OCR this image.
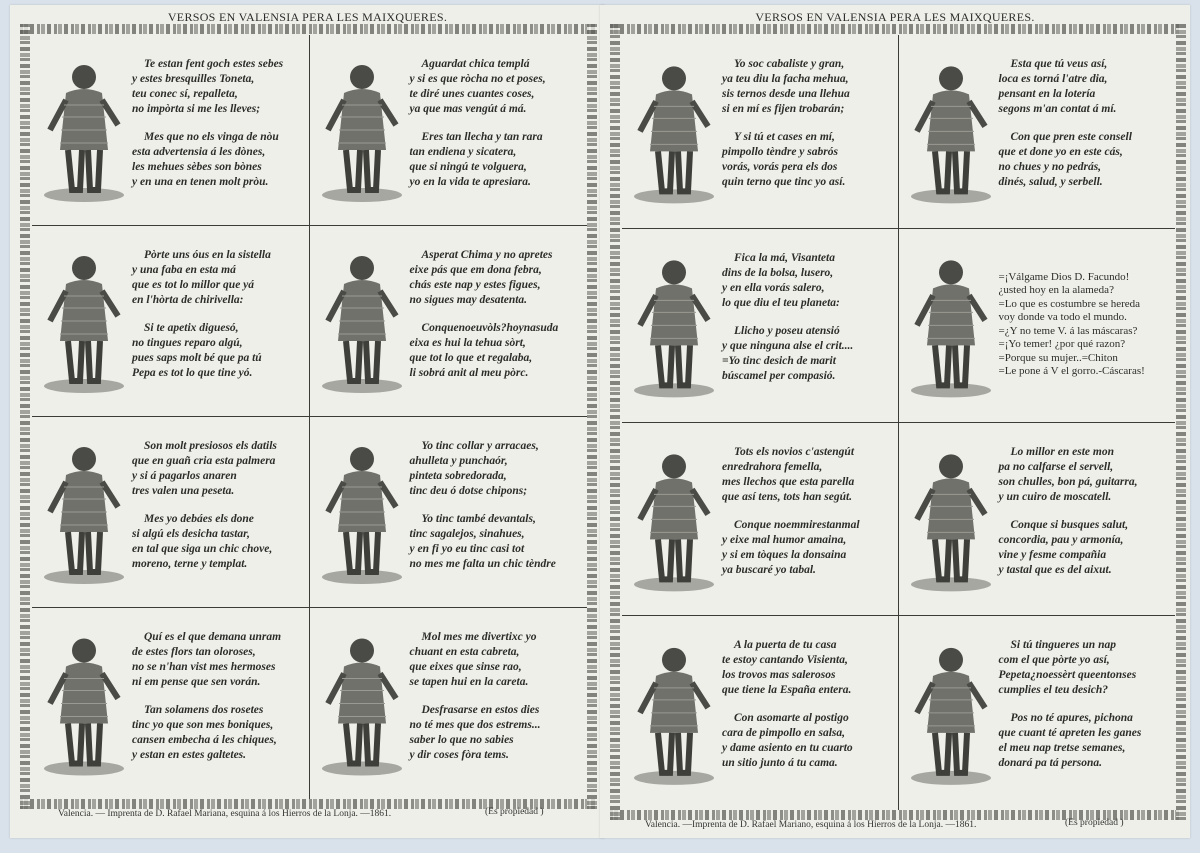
VERSOS EN VALENSIA PERA LES MAIXQUERES.

Te estan fent goch estes sebes
y estes bresquilles Toneta,
teu conec sí, repalleta,
no impòrta si me les lleves;

Mes que no els vinga de nòu
esta advertensia á les dònes,
les mehues sèbes son bònes
y en una en tenen molt pròu.

Aguardat chica templá
y si es que ròcha no et poses,
te diré unes cuantes coses,
ya que mas vengút á má.

Eres tan llecha y tan rara
tan endiena y sicatera,
que si ningú te volguera,
yo en la vida te apresiara.

Pòrte uns óus en la sistella
y una faba en esta má
que es tot lo millor que yá
en l'hòrta de chirivella:

Si te apetix diguesó,
no tingues reparo algú,
pues saps molt bé que pa tú
Pepa es tot lo que tine yó.

Asperat Chima y no apretes
eixe pás que em dona febra,
chás este nap y estes figues,
no sigues may desatenta.

Conquenoeuvòls?hoynasuda
eixa es hui la tehua sòrt,
que tot lo que et regalaba,
li sobrá anit al meu pòrc.

Son molt presiosos els datils
que en guañ cria esta palmera
y si á pagarlos anaren
tres valen una peseta.

Mes yo debáes els done
si algú els desicha tastar,
en tal que siga un chic chove,
moreno, terne y templat.

Yo tinc collar y arracaes,
ahulleta y punchaór,
pinteta sobredorada,
tinc deu ó dotse chipons;

Yo tinc també devantals,
tinc sagalejos, sinahues,
y en fi yo eu tinc casi tot
no mes me falta un chic tèndre

Quí es el que demana unram
de estes flors tan oloroses,
no se n'han vist mes hermoses
ni em pense que sen vorán.

Tan solamens dos rosetes
tinc yo que son mes boniques,
cansen embecha á les chiques,
y estan en estes galtetes.

Mol mes me divertixc yo
chuant en esta cabreta,
que eixes que sinse rao,
se tapen hui en la careta.

Desfrasarse en estos dies
no té mes que dos estrems...
saber lo que no sabies
y dir coses fòra tems.

Valencia. — Imprenta de D. Rafael Mariana, esquina á los Hierros de la Lonja. —1861.	(Es propiedad )
VERSOS EN VALENSIA PERA LES MAIXQUERES.

Yo soc cabaliste y gran,
ya teu diu la facha mehua,
sis ternos desde una llehua
si en mí es fijen trobarán;

Y si tú et cases en mí,
pimpollo tèndre y sabrós
vorás, vorás pera els dos
quin terno que tinc yo así.

Esta que tú veus así,
loca es torná l'atre dia,
pensant en la lotería
segons m'an contat á mí.

Con que pren este consell
que et done yo en este cás,
no chues y no pedrás,
dinés, salud, y serbell.

Fica la má, Visanteta
dins de la bolsa, lusero,
y en ella vorás salero,
lo que diu el teu planeta:

Llicho y poseu atensió
y que ninguna alse el crit....
=Yo tinc desich de marit
búscamel per compasió.

=¡Válgame Dios D. Facundo!
¿usted hoy en la alameda?
=Lo que es costumbre se hereda
voy donde va todo el mundo.
=¿Y no teme V. á las máscaras?
=¡Yo temer! ¿por qué razon?
=Porque su mujer..=Chiton
=Le pone á V el gorro.-Cáscaras!

Tots els novios c'astengút
enredrahora femella,
mes llechos que esta parella
que así tens, tots han segút.

Conque noemmirestanmal
y eixe mal humor amaina,
y si em tòques la donsaina
ya buscaré yo tabal.

Lo millor en este mon
pa no calfarse el servell,
son chulles, bon pá, guitarra,
y un cuiro de moscatell.

Conque si busques salut,
concordia, pau y armonía,
vine y fesme compañia
y tastal que es del aixut.

A la puerta de tu casa
te estoy cantando Visienta,
los trovos mas salerosos
que tiene la España entera.

Con asomarte al postigo
cara de pimpollo en salsa,
y dame asiento en tu cuarto
un sitio junto á tu cama.

Si tú tingueres un nap
com el que pòrte yo así,
Pepeta¿noessèrt queentonses
cumplies el teu desich?

Pos no té apures, pichona
que cuant té apreten les ganes
el meu nap tretse semanes,
donará pa tá persona.

Valencia. —Imprenta de D. Rafael Mariano, esquina á los Hierros de la Lonja. —1861.	(Es propiedad )
